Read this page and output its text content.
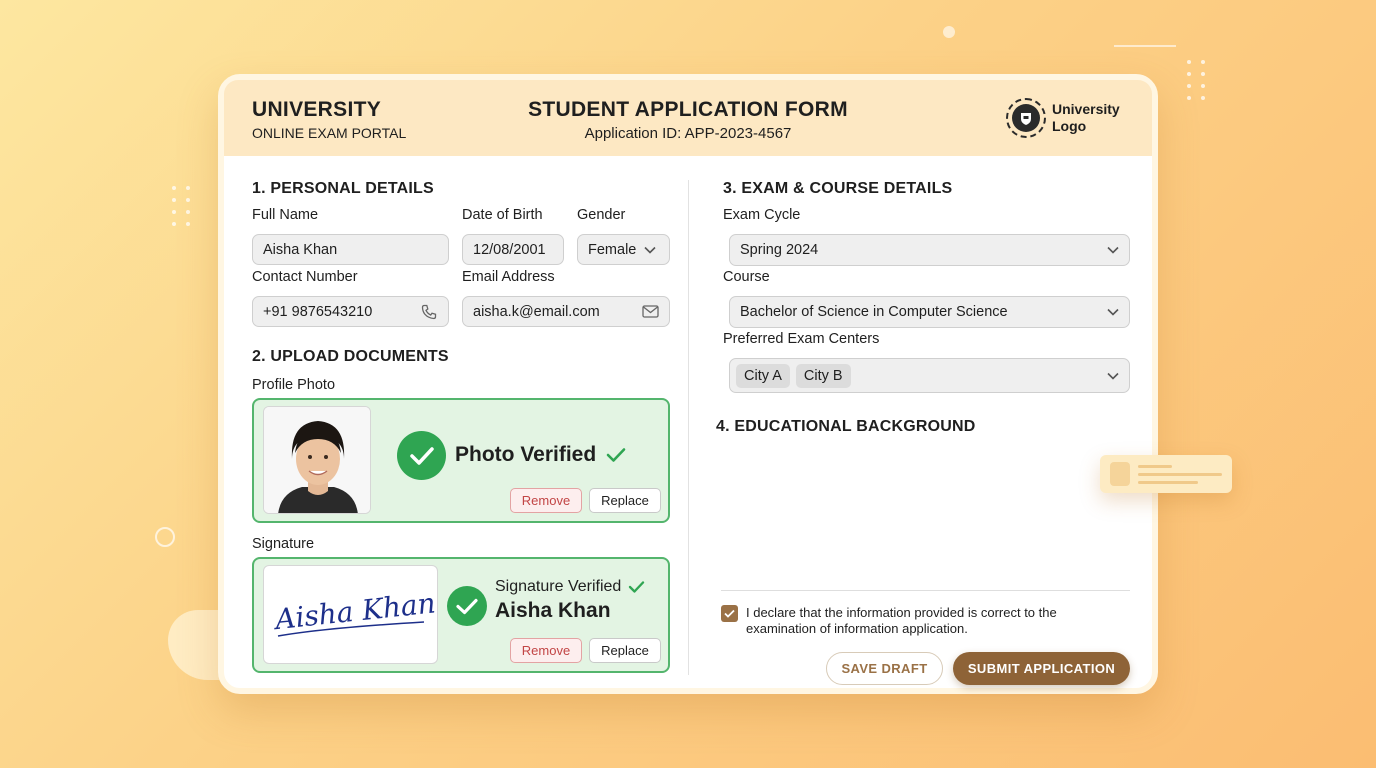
UNIVERSITY
ONLINE EXAM PORTAL
STUDENT APPLICATION FORM
Application ID: APP-2023-4567
University Logo
1. PERSONAL DETAILS
Full Name
Aisha Khan
Date of Birth
12/08/2001
Gender
Female
Contact Number
+91 9876543210
Email Address
aisha.k@email.com
2. UPLOAD DOCUMENTS
Profile Photo
Photo Verified
Remove	Replace
Signature
Aisha Khan	Signature Verified
Aisha Khan
Remove	Replace
3. EXAM & COURSE DETAILS
Exam Cycle
Spring 2024
Course
Bachelor of Science in Computer Science
Preferred Exam Centers
City A	City B
4. EDUCATIONAL BACKGROUND
I declare that the information provided is correct to the examination of information application.
SAVE DRAFT	SUBMIT APPLICATION
